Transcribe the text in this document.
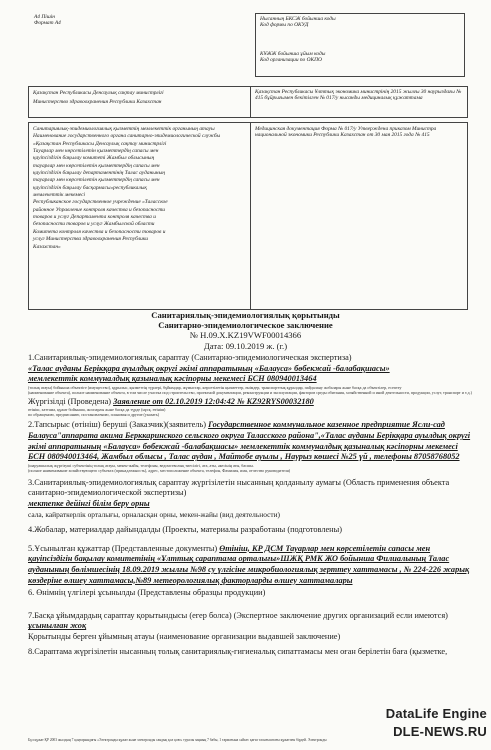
А4 Пішін
Формат А4
Нысанның БКСЖ бойынша коды
Код формы по ОКУД
КҰЖЖ бойынша ұйым коды
Код организации по ОКПО
Қазақстан Республикасы Денсаулық сақтау министрлігі
Министерство здравоохранения Республики Казахстан
Қазақстан Республикасы Ұлттық экономика министрінің 2015 жылғы 30 наурыздағы № 415 бұйрығымен бекітілген № 017/у нысанды медициналық құжаттама
Санитариялық-эпидемиологиялық қызметтің мемлекеттік органының атауы
Наименование государственного органа санитарно-эпидемиологической службы
«Қазақстан Республикасы Денсаулық сақтау министрлігі
Тауарлар мен көрсетілетін қызметтердің сапасы мен
қауіпсіздігін бақылау комитеті Жамбыл облысының
тауарлар мен көрсетілетін қызметтердің сапасы мен
қауіпсіздігін бақылау департаментінің Талас ауданының
тауарлар мен көрсетілетін қызметтердің сапасы мен
қауіпсіздігін бақылау басқармасы»республикалық
мемлекеттік мекемесі
Республиканское государственное учреждение «Таласское
районное Управление контроля качества и безопасности
товаров и услуг Департамента контроля качества и
безопасности товаров и услуг Жамбылской области
Комитета контроля качества и безопасности товаров и
услуг Министерства здравоохранения Республики
Казахстан»
Медицинская документация Форма № 017/у Утверждена приказом Министра национальной экономики Республики Казахстан от 30 мая 2015 года № 415
Санитариялық-эпидемиологиялық қорытынды
Санитарно-эпидемиологическое заключение
№ Н.09.Х.KZ19VWF00014366
Дата: 09.10.2019 ж. (г.)
1.Санитариялық-эпидемиологиялық сараптау (Санитарно-эпидемиологическая экспертиза)
«Талас ауданы Берікқара ауылдық округі әкімі аппаратының «Балауса» бөбекжай -балабақшасы»
мемлекеттік коммуналдық қазыналық кәсіпорны мекемесі БСН 080940013464
(толық атауы) бойынша объектіге (имущество), құрылыс, қызметтің түрлері, бұйымдар, жүмыстар, көрсетілетін қызметтер, өнімдер, транспорттық құралдар, пайдалану жобалары және басқа да объектілер, есептеу
(наименование объекта), полное наименование объекта, в том числе участка под строительство, проектной документации, реконструкции и эксплуатации, факторов среды обитания, хозяйственной и иной деятельности, продукции, услуг, транспорт и т.д.)
Жүргізілді (Проведена) Заявление от 02.10.2019 12:04:42 № KZ92RYS00032180
өтініш, хаттама, құжат бойынша, жоспарлы және басқа да түрде (нұсқ. өтініш)
по обращению, предписанию, постановлению, плановая и другие (указать)
2.Тапсырыс (өтініш) беруші (Заказчик)(заявитель) Государственное коммунальное казенное предприятие Ясли-сад Балауса"аппарата акима Берккаринского сельского округа Таласского района",«Талас ауданы Берікқара ауылдық округі әкімі аппаратының «Балауса» бөбекжай -балабақшасы» мемлекеттік коммуналдық қазыналық кәсіпорны мекемесі БСН 080940013464, Жамбыл облысы , Талас аудан , Майтобе ауылы , Наурыз көшесі №25 үй , телефоны 87058768052
(шаруашылық жүргізуші субъектінің толық атауы, мекен-жайы, телефоны, ведомстволық тиесілігі, ата, аты, әкесінің аты, басшы.
(полное наименование хозяйствующего субъекта (принадлежность), адрес, местоположение объекта, телефон, Фамилия, имя, отчество руководителя)
3.Санитариялық-эпидемиологиялық сараптау жүргізілетін нысанның қолданылу аумағы (Область применения объекта санитарно-эпидемиологической экспертизы)
мектепке дейінгі білім беру орны
сала, кайраткерлік орталығы, орналасқан орны, мекен-жайы (вид деятельности)
4.Жобалар, материалдар дайындалды (Проекты, материалы разработаны (подготовлены)
5.Ұсынылған құжаттар (Представленные документы) Өтініш, КР ДСМ Тауарлар мен көрсетілетін сапасы мен қауіпсіздігін бақылау комитетінің «Ұлттық сараптама орталығы»ШЖҚ РМК ЖО бойынша Филиалының Талас ауданының бөлімшесінің 18.09.2019 жылғы №98 су үлгісіне микробиологиялық зерттеу хаттамасы , № 224-226 жарық көздеріне өлшеу хаттамасы,№89 метеорологиялық факторларды өлшеу хаттамалары
6. Өнімнің үлгілері ұсынылды (Представлены образцы продукции)
7.Басқа ұйымдардың сараптау қорытындысы (егер болса) (Экспертное заключение других организаций если имеются)
ұсынылған жоқ
Қорытынды берген ұйымның атауы (наименование организации выдавшей заключение)
8.Сараптама жүргізілетін нысанның толық санитариялық-гигиеналық сипаттамасы мен оған берілетін баға (қызметке,
Бұл құжат ҚР 2003 жылдың 7 қаңтарындағы «Электронды құжат және электронды сандық қол қою» туралы заңның 7 бабы, 1 тармағына сәйкес қағаз тасығыштағы құжатпен бірдей. Электронды
DataLife Engine
DLE-NEWS.RU
